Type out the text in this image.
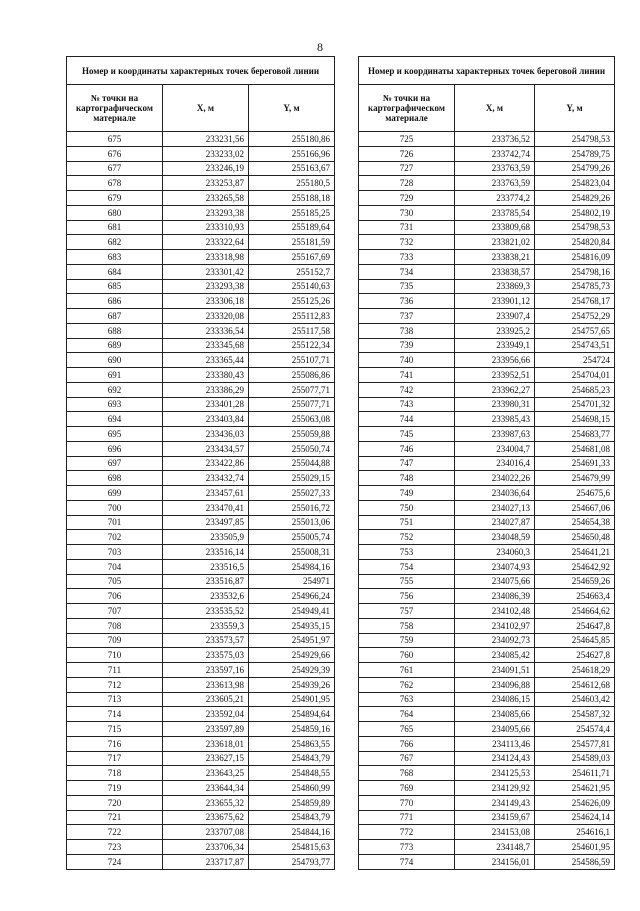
8
Номер и координаты характерных точек береговой линии		
№ точки на картографическом материале	X, м	Y, м
675	233231,56	255180,86
676	233233,02	255166,96
677	233246,19	255163,67
678	233253,87	255180,5
679	233265,58	255188,18
680	233293,38	255185,25
681	233310,93	255189,64
682	233322,64	255181,59
683	233318,98	255167,69
684	233301,42	255152,7
685	233293,38	255140,63
686	233306,18	255125,26
687	233320,08	255112,83
688	233336,54	255117,58
689	233345,68	255122,34
690	233365,44	255107,71
691	233380,43	255086,86
692	233386,29	255077,71
693	233401,28	255077,71
694	233403,84	255063,08
695	233436,03	255059,88
696	233434,57	255050,74
697	233422,86	255044,88
698	233432,74	255029,15
699	233457,61	255027,33
700	233470,41	255016,72
701	233497,85	255013,06
702	233505,9	255005,74
703	233516,14	255008,31
704	233516,5	254984,16
705	233516,87	254971
706	233532,6	254966,24
707	233535,52	254949,41
708	233559,3	254935,15
709	233573,57	254951,97
710	233575,03	254929,66
711	233597,16	254929,39
712	233613,98	254939,26
713	233605,21	254901,95
714	233592,04	254894,64
715	233597,89	254859,16
716	233618,01	254863,55
717	233627,15	254843,79
718	233643,25	254848,55
719	233644,34	254860,99
720	233655,32	254859,89
721	233675,62	254843,79
722	233707,08	254844,16
723	233706,34	254815,63
724	233717,87	254793,77
Номер и координаты характерных точек береговой линии		
№ точки на картографическом материале	X, м	Y, м
725	233736,52	254798,53
726	233742,74	254789,75
727	233763,59	254799,26
728	233763,59	254823,04
729	233774,2	254829,26
730	233785,54	254802,19
731	233809,68	254798,53
732	233821,02	254820,84
733	233838,21	254816,09
734	233838,57	254798,16
735	233869,3	254785,73
736	233901,12	254768,17
737	233907,4	254752,29
738	233925,2	254757,65
739	233949,1	254743,51
740	233956,66	254724
741	233952,51	254704,01
742	233962,27	254685,23
743	233980,31	254701,32
744	233985,43	254698,15
745	233987,63	254683,77
746	234004,7	254681,08
747	234016,4	254691,33
748	234022,26	254679,99
749	234036,64	254675,6
750	234027,13	254667,06
751	234027,87	254654,38
752	234048,59	254650,48
753	234060,3	254641,21
754	234074,93	254642,92
755	234075,66	254659,26
756	234086,39	254663,4
757	234102,48	254664,62
758	234102,97	254647,8
759	234092,73	254645,85
760	234085,42	254627,8
761	234091,51	254618,29
762	234096,88	254612,68
763	234086,15	254603,42
764	234085,66	254587,32
765	234095,66	254574,4
766	234113,46	254577,81
767	234124,43	254589,03
768	234125,53	254611,71
769	234129,92	254621,95
770	234149,43	254626,09
771	234159,67	254624,14
772	234153,08	254616,1
773	234148,7	254601,95
774	234156,01	254586,59
